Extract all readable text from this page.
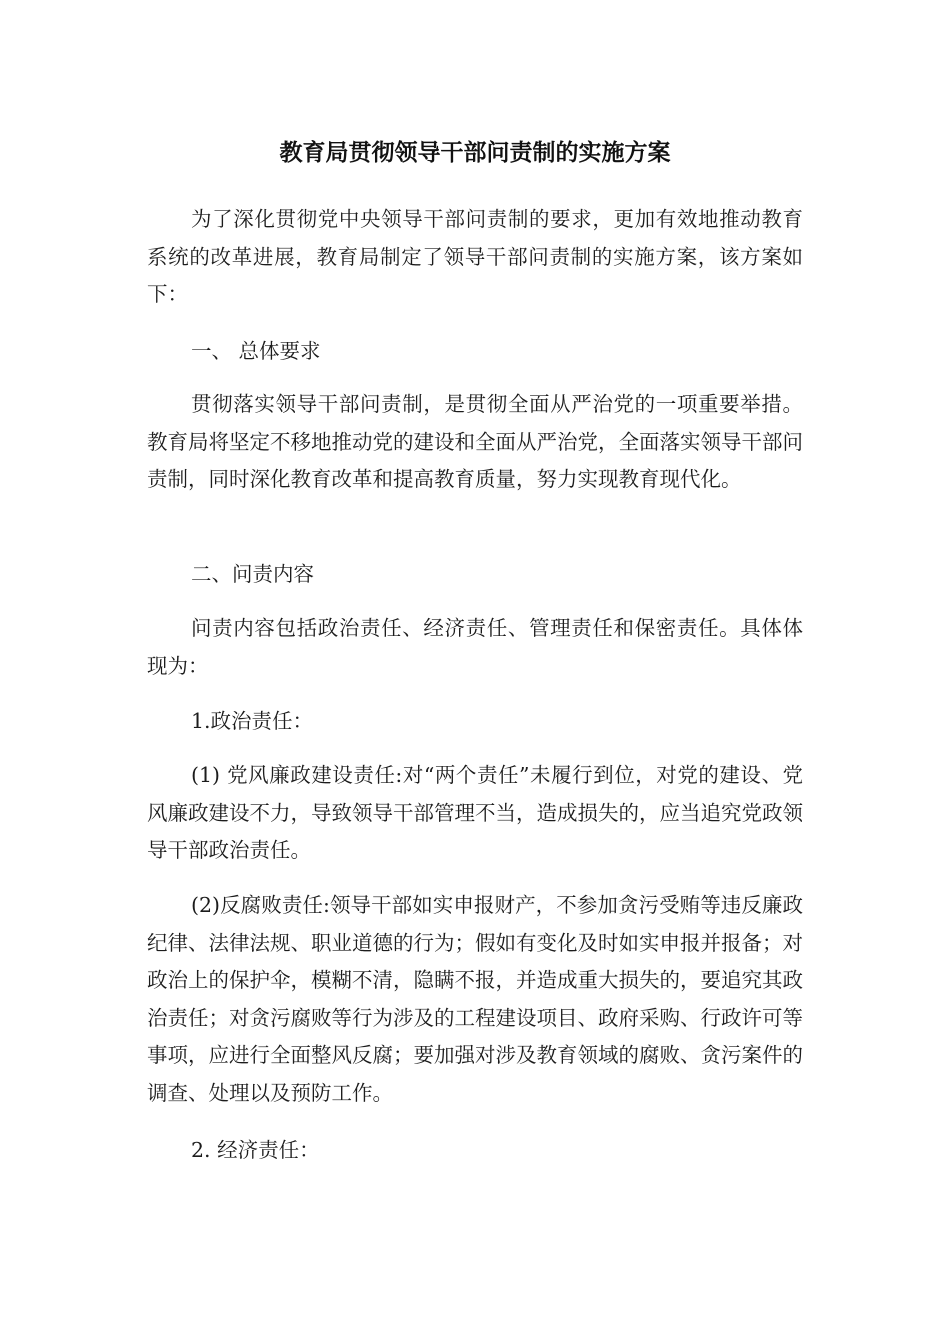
教育局贯彻领导干部问责制的实施方案

为了深化贯彻党中央领导干部问责制的要求，更加有效地推动教育系统的改革进展，教育局制定了领导干部问责制的实施方案，该方案如下：

一、 总体要求

贯彻落实领导干部问责制，是贯彻全面从严治党的一项重要举措。教育局将坚定不移地推动党的建设和全面从严治党，全面落实领导干部问责制，同时深化教育改革和提高教育质量，努力实现教育现代化。

二、问责内容

问责内容包括政治责任、经济责任、管理责任和保密责任。具体体现为：

1.政治责任：

(1) 党风廉政建设责任:对“两个责任”未履行到位，对党的建设、党风廉政建设不力，导致领导干部管理不当，造成损失的，应当追究党政领导干部政治责任。

(2)反腐败责任:领导干部如实申报财产，不参加贪污受贿等违反廉政纪律、法律法规、职业道德的行为；假如有变化及时如实申报并报备；对政治上的保护伞，模糊不清，隐瞒不报，并造成重大损失的，要追究其政治责任；对贪污腐败等行为涉及的工程建设项目、政府采购、行政许可等事项，应进行全面整风反腐；要加强对涉及教育领域的腐败、贪污案件的调查、处理以及预防工作。

2. 经济责任：
